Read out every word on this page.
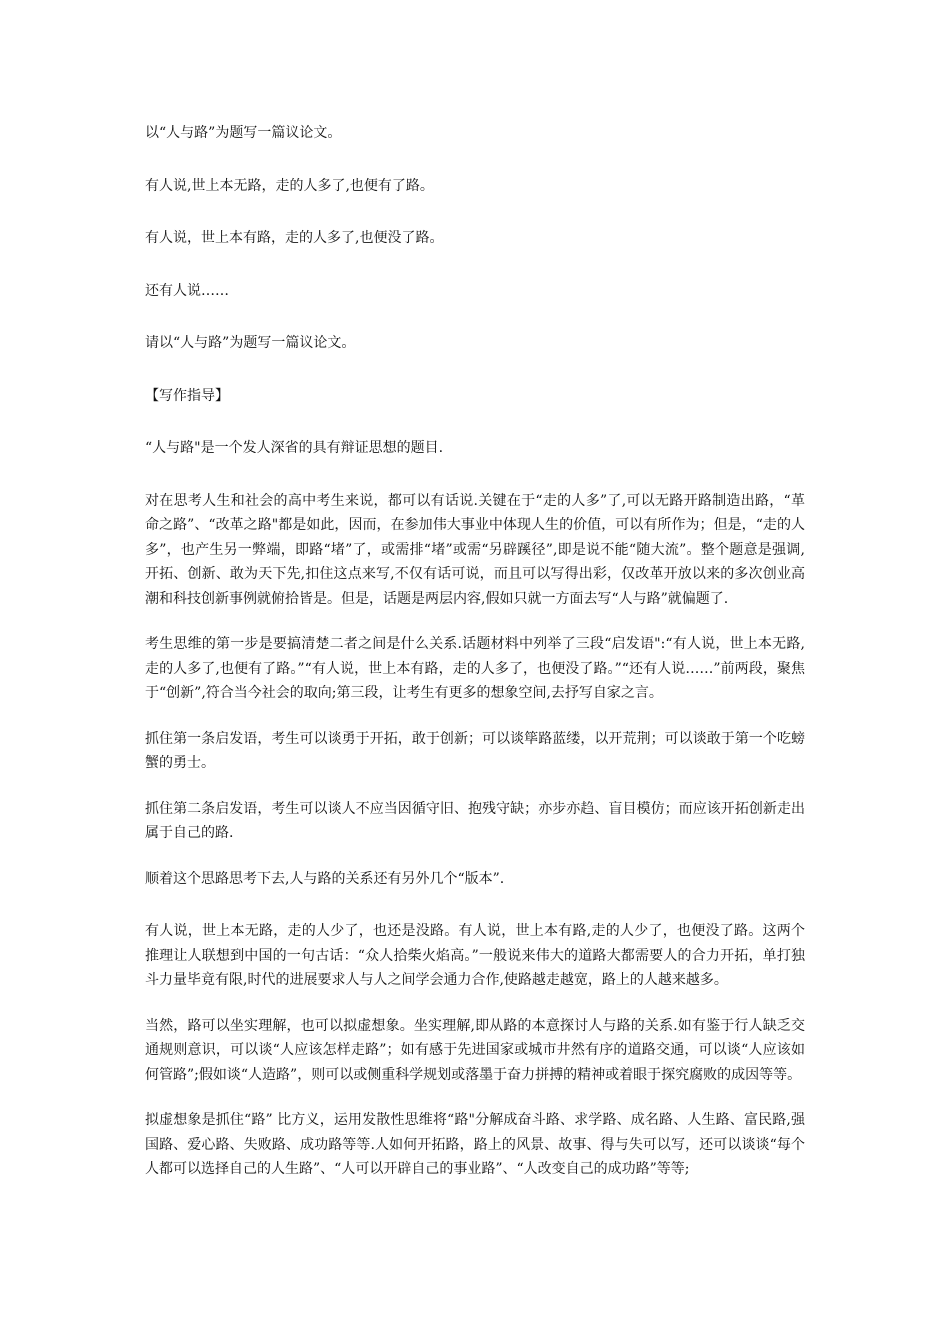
以“人与路”为题写一篇议论文。

有人说,世上本无路，走的人多了,也便有了路。

有人说，世上本有路，走的人多了,也便没了路。

还有人说……

请以“人与路”为题写一篇议论文。

【写作指导】

“人与路"是一个发人深省的具有辩证思想的题目.

对在思考人生和社会的高中考生来说，都可以有话说.关键在于“走的人多”了,可以无路开路制造出路，“革命之路”、“改革之路"都是如此，因而，在参加伟大事业中体现人生的价值，可以有所作为；但是，“走的人多”，也产生另一弊端，即路“堵”了，或需排“堵”或需“另辟蹊径”,即是说不能“随大流”。整个题意是强调,开拓、创新、敢为天下先,扣住这点来写,不仅有话可说，而且可以写得出彩，仅改革开放以来的多次创业高潮和科技创新事例就俯拾皆是。但是，话题是两层内容,假如只就一方面去写“人与路”就偏题了.

考生思维的第一步是要搞清楚二者之间是什么关系.话题材料中列举了三段“启发语":“有人说，世上本无路,走的人多了,也便有了路。”“有人说，世上本有路，走的人多了，也便没了路。”“还有人说……”前两段，聚焦于“创新”,符合当今社会的取向;第三段，让考生有更多的想象空间,去抒写自家之言。

抓住第一条启发语，考生可以谈勇于开拓，敢于创新；可以谈筚路蓝缕，以开荒荆；可以谈敢于第一个吃螃蟹的勇士。

抓住第二条启发语，考生可以谈人不应当因循守旧、抱残守缺；亦步亦趋、盲目模仿；而应该开拓创新走出属于自己的路.

顺着这个思路思考下去,人与路的关系还有另外几个“版本”.

有人说，世上本无路，走的人少了，也还是没路。有人说，世上本有路,走的人少了，也便没了路。这两个推理让人联想到中国的一句古话：“众人拾柴火焰高。”一般说来伟大的道路大都需要人的合力开拓，单打独斗力量毕竟有限,时代的进展要求人与人之间学会通力合作,使路越走越宽，路上的人越来越多。

当然，路可以坐实理解，也可以拟虚想象。坐实理解,即从路的本意探讨人与路的关系.如有鉴于行人缺乏交通规则意识，可以谈“人应该怎样走路”；如有感于先进国家或城市井然有序的道路交通，可以谈“人应该如何管路”;假如谈“人造路”，则可以或侧重科学规划或落墨于奋力拼搏的精神或着眼于探究腐败的成因等等。

拟虚想象是抓住“路” 比方义，运用发散性思维将“路"分解成奋斗路、求学路、成名路、人生路、富民路,强国路、爱心路、失败路、成功路等等.人如何开拓路，路上的风景、故事、得与失可以写，还可以谈谈“每个人都可以选择自己的人生路”、“人可以开辟自己的事业路”、“人改变自己的成功路”等等;
